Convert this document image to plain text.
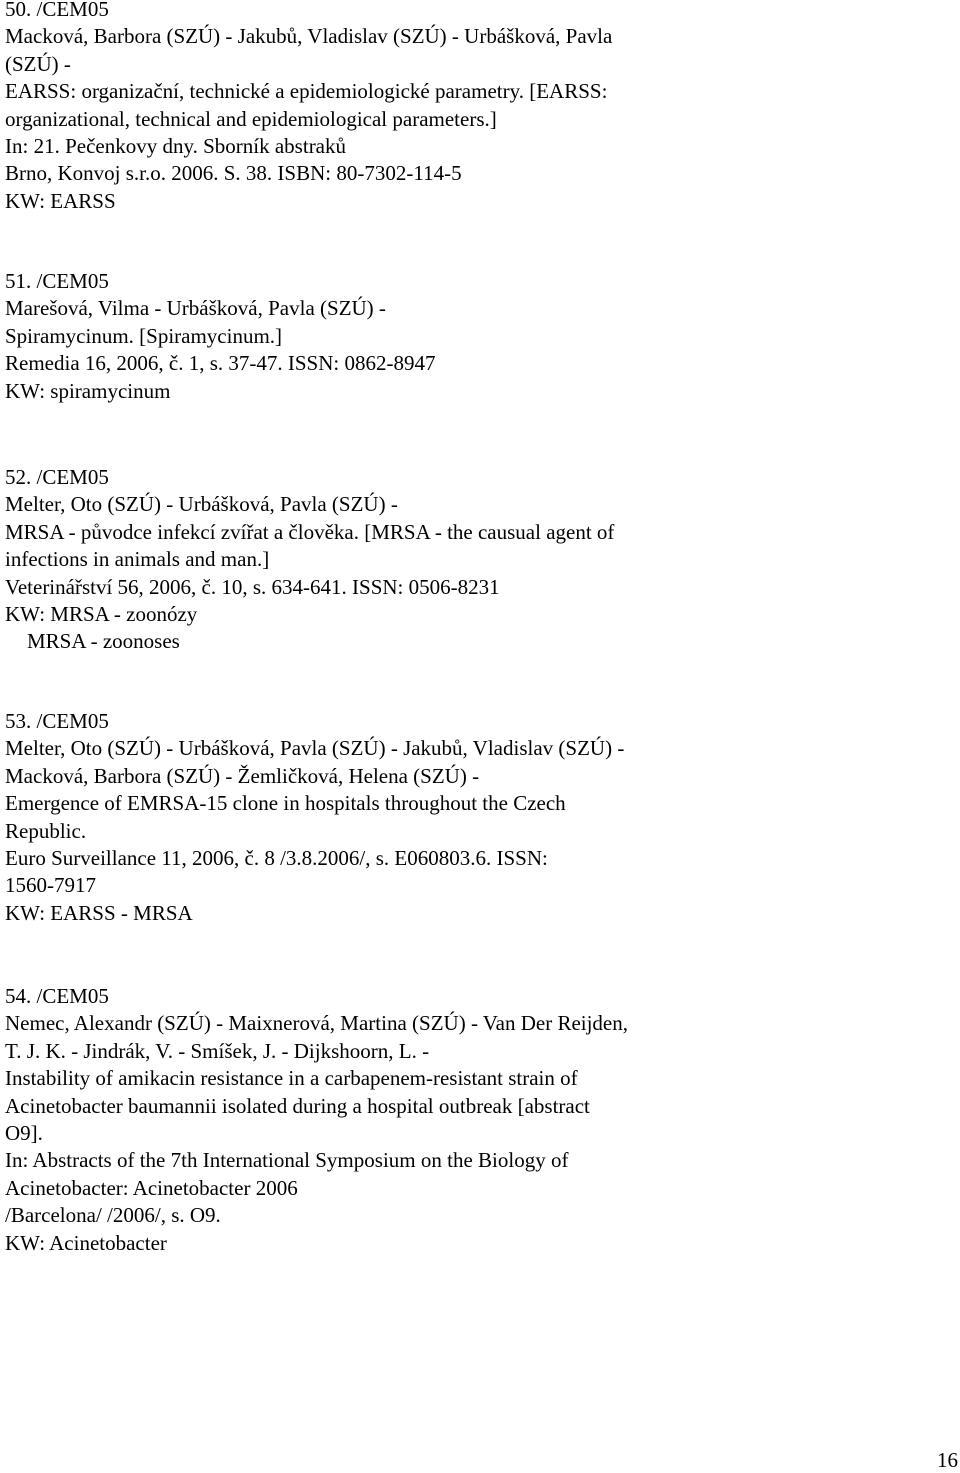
50. /CEM05
Macková, Barbora (SZÚ) - Jakubů, Vladislav (SZÚ) - Urbášková, Pavla
(SZÚ) -
EARSS: organizační, technické a epidemiologické parametry. [EARSS:
organizational, technical and epidemiological parameters.]
In: 21. Pečenkovy dny. Sborník abstraků
Brno, Konvoj s.r.o. 2006. S. 38. ISBN: 80-7302-114-5
KW: EARSS
51. /CEM05
Marešová, Vilma - Urbášková, Pavla (SZÚ) -
Spiramycinum. [Spiramycinum.]
Remedia 16, 2006, č. 1, s. 37-47. ISSN: 0862-8947
KW: spiramycinum
52. /CEM05
Melter, Oto (SZÚ) - Urbášková, Pavla (SZÚ) -
MRSA - původce infekcí zvířat a člověka. [MRSA - the causual agent of
infections in animals and man.]
Veterinářství 56, 2006, č. 10, s. 634-641. ISSN: 0506-8231
KW: MRSA - zoonózy
MRSA - zoonoses
53. /CEM05
Melter, Oto (SZÚ) - Urbášková, Pavla (SZÚ) - Jakubů, Vladislav (SZÚ) -
Macková, Barbora (SZÚ) - Žemličková, Helena (SZÚ) -
Emergence of EMRSA-15 clone in hospitals throughout the Czech
Republic.
Euro Surveillance 11, 2006, č. 8 /3.8.2006/, s. E060803.6. ISSN:
1560-7917
KW: EARSS - MRSA
54. /CEM05
Nemec, Alexandr (SZÚ) - Maixnerová, Martina (SZÚ) - Van Der Reijden,
T. J. K. - Jindrák, V. - Smíšek, J. - Dijkshoorn, L. -
Instability of amikacin resistance in a carbapenem-resistant strain of
Acinetobacter baumannii isolated during a hospital outbreak [abstract
O9].
In: Abstracts of the 7th International Symposium on the Biology of
Acinetobacter: Acinetobacter 2006
/Barcelona/ /2006/, s. O9.
KW: Acinetobacter
16
